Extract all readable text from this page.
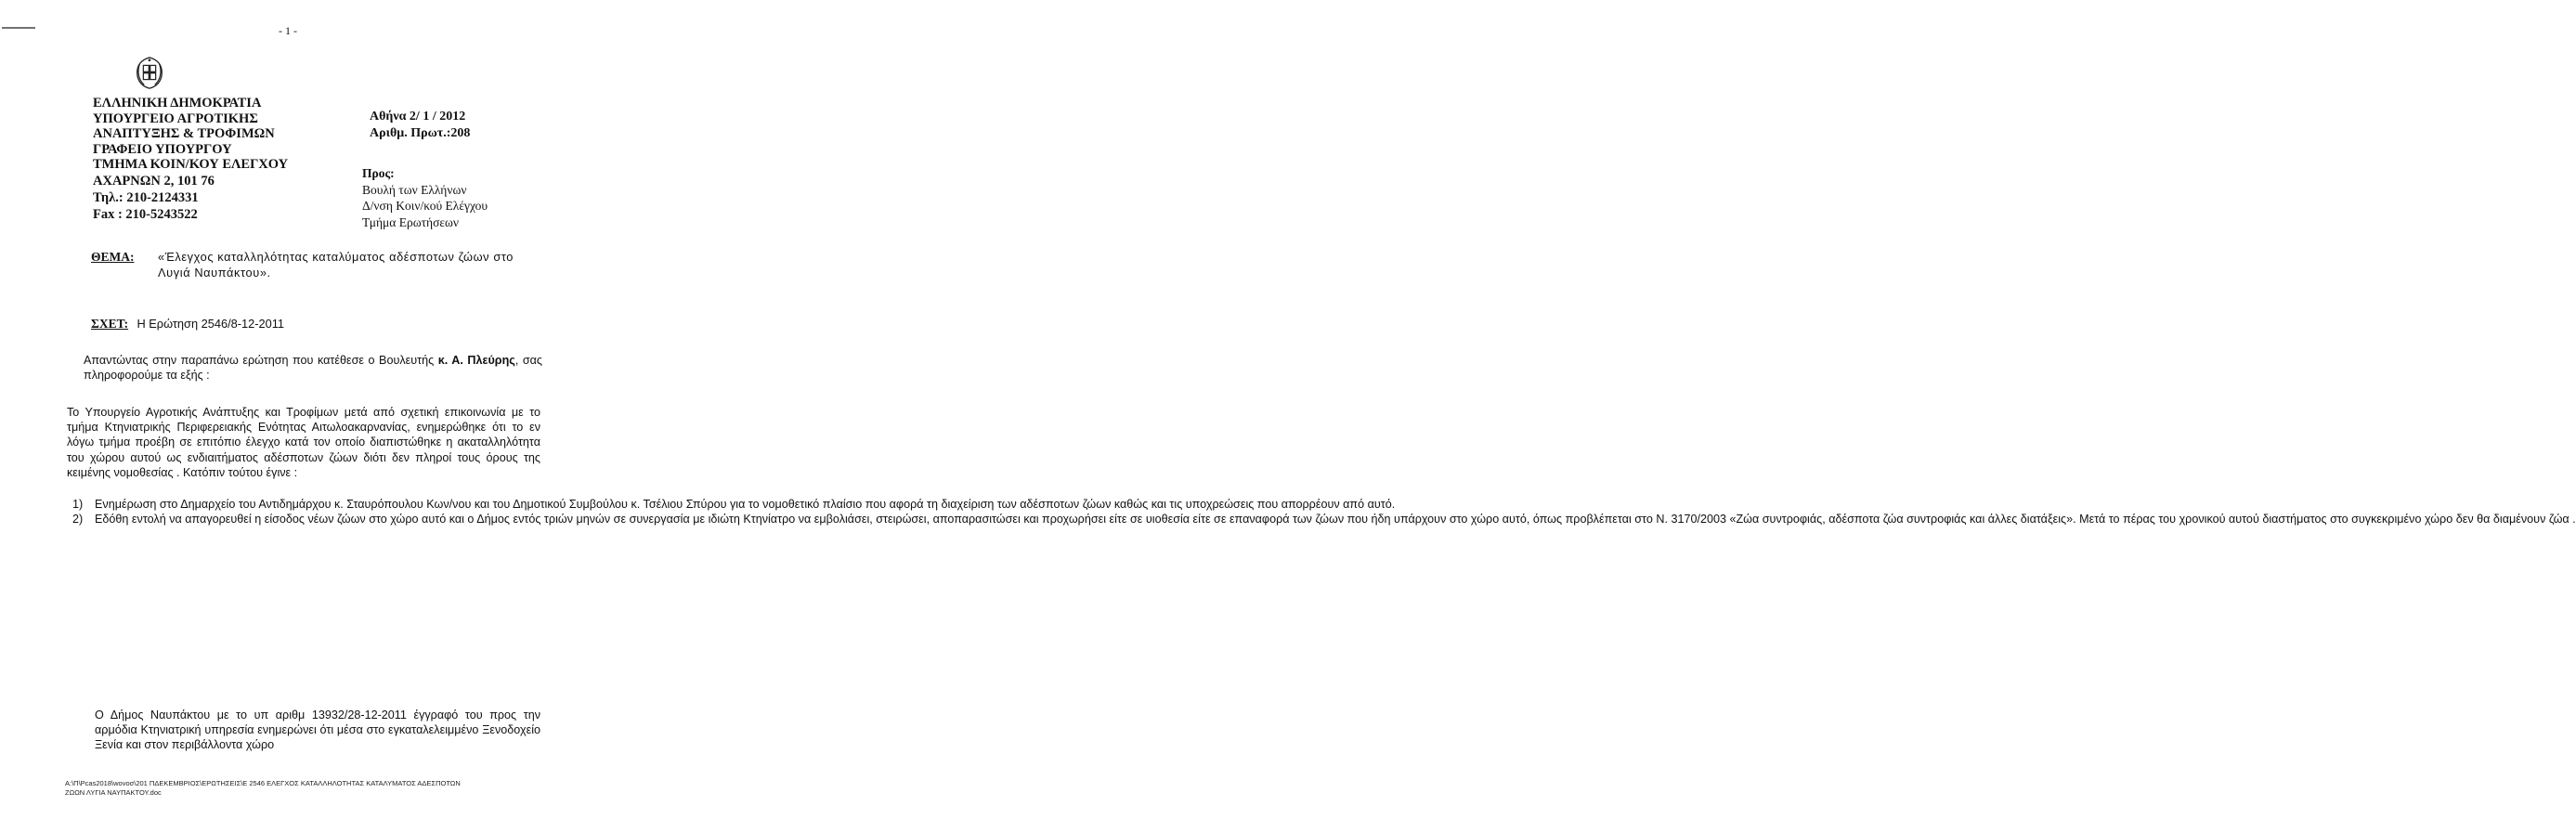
- 1 -
ΕΛΛΗΝΙΚΗ ΔΗΜΟΚΡΑΤΙΑ
ΥΠΟΥΡΓΕΙΟ ΑΓΡΟΤΙΚΗΣ
ΑΝΑΠΤΥΞΗΣ & ΤΡΟΦΙΜΩΝ
ΓΡΑΦΕΙΟ ΥΠΟΥΡΓΟΥ
ΤΜΗΜΑ ΚΟΙΝ/ΚΟΥ ΕΛΕΓΧΟΥ
ΑΧΑΡΝΩΝ 2, 101 76
Τηλ.: 210-2124331
Fax : 210-5243522
Αθήνα 2/ 1 / 2012
Αριθμ. Πρωτ.:208
Προς:
Βουλή των Ελλήνων
Δ/νση Κοιν/κού Ελέγχου
Τμήμα Ερωτήσεων
ΘΕΜΑ: «Έλεγχος καταλληλότητας καταλύματος αδέσποτων ζώων στο
Λυγιά Ναυπάκτου».
ΣΧΕΤ: Η Ερώτηση 2546/8-12-2011

Απαντώντας στην παραπάνω ερώτηση που κατέθεσε ο Βουλευτής κ. Α. Πλεύρης, σας πληροφορούμε τα εξής :

Το Υπουργείο Αγροτικής Ανάπτυξης και Τροφίμων μετά από σχετική επικοινωνία με το τμήμα Κτηνιατρικής Περιφερειακής Ενότητας Αιτωλοακαρνανίας, ενημερώθηκε ότι το εν λόγω τμήμα προέβη σε επιτόπιο έλεγχο κατά τον οποίο διαπιστώθηκε η ακαταλληλότητα του χώρου αυτού ως ενδιαιτήματος αδέσποτων ζώων διότι δεν πληροί τους όρους της κειμένης νομοθεσίας . Κατόπιν τούτου έγινε :

1) Ενημέρωση στο Δημαρχείο του Αντιδημάρχου κ. Σταυρόπουλου Κων/νου και του Δημοτικού Συμβούλου κ. Τσέλιου Σπύρου για το νομοθετικό πλαίσιο που αφορά τη διαχείριση των αδέσποτων ζώων καθώς και τις υποχρεώσεις που απορρέουν από αυτό.
2) Εδόθη εντολή να απαγορευθεί η είσοδος νέων ζώων στο χώρο αυτό και ο Δήμος εντός τριών μηνών σε συνεργασία με ιδιώτη Κτηνίατρο να εμβολιάσει, στειρώσει, αποπαρασιτώσει και προχωρήσει είτε σε υιοθεσία είτε σε επαναφορά των ζώων που ήδη υπάρχουν στο χώρο αυτό, όπως προβλέπεται στο Ν. 3170/2003 «Ζώα συντροφιάς, αδέσποτα ζώα συντροφιάς και άλλες διατάξεις». Μετά το πέρας του χρονικού αυτού διαστήματος στο συγκεκριμένο χώρο δεν θα διαμένουν ζώα .

Ο Δήμος Ναυπάκτου με το υπ αριθμ 13932/28-12-2011 έγγραφό του προς την αρμόδια Κτηνιατρική υπηρεσία ενημερώνει ότι μέσα στο εγκαταλελειμμένο Ξενοδοχείο Ξενία και στον περιβάλλοντα χώρο

Α:\Π\Pcas2018\wovoσ\201 ΠΔΕΚΕΜΒΡΙΟΣ\ΕΡΩΤΗΣΕΙΣ\Ε 2546 ΕΛΕΓΧΟΣ ΚΑΤΑΛΛΗΛΟΤΗΤΑΣ ΚΑΤΑΛΥΜΑΤΟΣ ΑΔΕΣΠΟΤΩΝ
ΖΩΩΝ ΛΥΓΙΑ ΝΑΥΠΑΚΤΟΥ.doc
